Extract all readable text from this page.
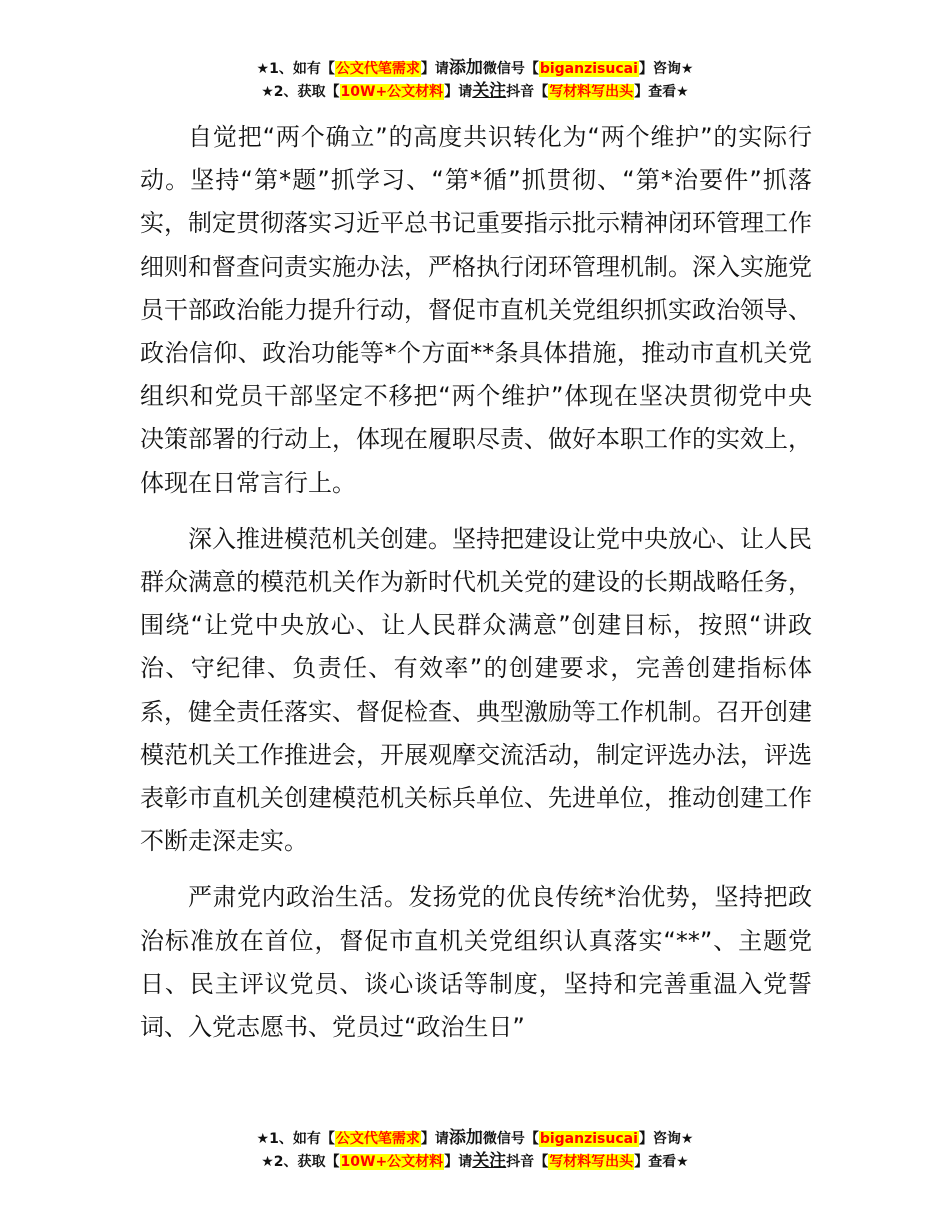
★1、如有【公文代笔需求】请添加微信号【biganzisucai】咨询★
★2、获取【10W+公文材料】请关注抖音【写材料写出头】查看★

自觉把“两个确立”的高度共识转化为“两个维护”的实际行动。坚持“第*题”抓学习、“第*循”抓贯彻、“第*治要件”抓落实，制定贯彻落实习近平总书记重要指示批示精神闭环管理工作细则和督查问责实施办法，严格执行闭环管理机制。深入实施党员干部政治能力提升行动，督促市直机关党组织抓实政治领导、政治信仰、政治功能等*个方面**条具体措施，推动市直机关党组织和党员干部坚定不移把“两个维护”体现在坚决贯彻党中央决策部署的行动上，体现在履职尽责、做好本职工作的实效上，体现在日常言行上。

深入推进模范机关创建。坚持把建设让党中央放心、让人民群众满意的模范机关作为新时代机关党的建设的长期战略任务，围绕“让党中央放心、让人民群众满意”创建目标，按照“讲政治、守纪律、负责任、有效率”的创建要求，完善创建指标体系，健全责任落实、督促检查、典型激励等工作机制。召开创建模范机关工作推进会，开展观摩交流活动，制定评选办法，评选表彰市直机关创建模范机关标兵单位、先进单位，推动创建工作不断走深走实。

严肃党内政治生活。发扬党的优良传统*治优势，坚持把政治标准放在首位，督促市直机关党组织认真落实“**”、主题党日、民主评议党员、谈心谈话等制度，坚持和完善重温入党誓词、入党志愿书、党员过“政治生日”

★1、如有【公文代笔需求】请添加微信号【biganzisucai】咨询★
★2、获取【10W+公文材料】请关注抖音【写材料写出头】查看★
